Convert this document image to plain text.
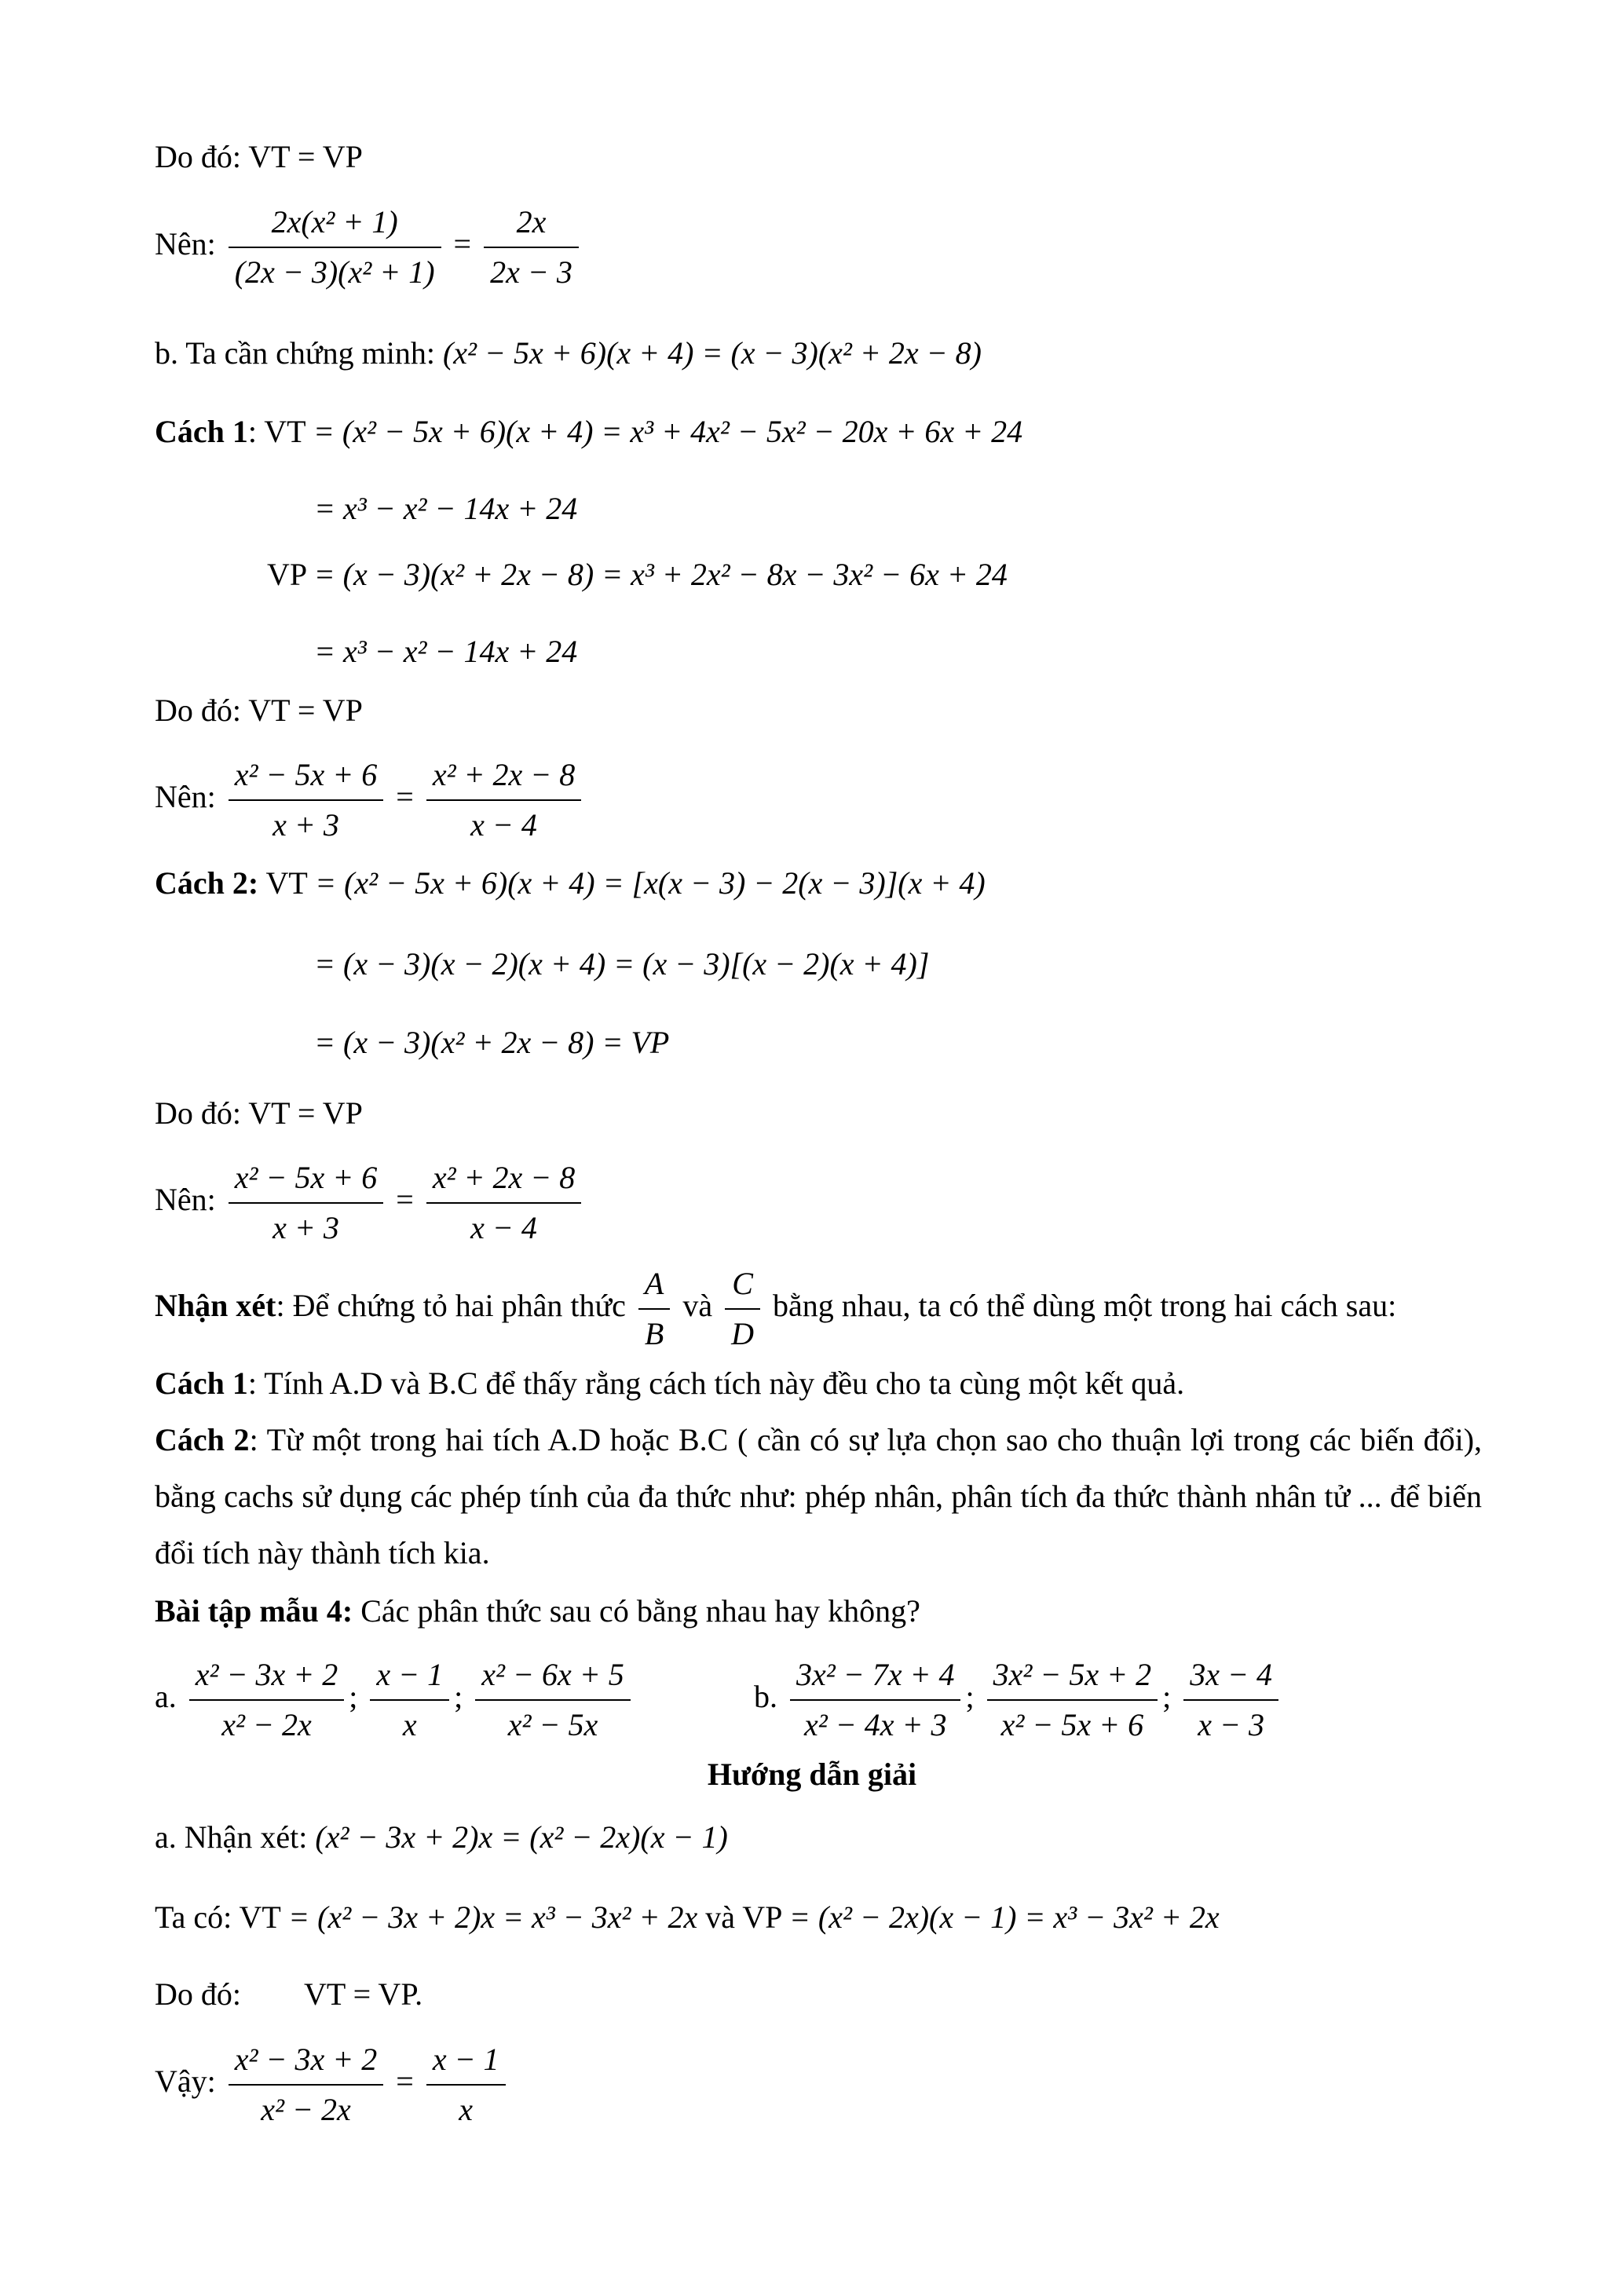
Do đó: VT = VP
Nên: $\frac{\text{2x(x² + 1)}}{\text{(2x − 3)(x² + 1)}} = \frac{2x}{2x - 3}$
b. Ta cần chứng minh: (x² − 5x + 6)(x + 4) = (x − 3)(x² + 2x − 8)
Cách 1: VT = (x² − 5x + 6)(x + 4) = x³ + 4x² − 5x² − 20x + 6x + 24
= x³ − x² − 14x + 24
VP = (x − 3)(x² + 2x − 8) = x³ + 2x² − 8x − 3x² − 6x + 24
= x³ − x² − 14x + 24
Do đó: VT = VP
Nên: $\frac{\text{x² − 5x + 6}}{x + 3} = \frac{\text{x² + 2x − 8}}{x - 4}$
Cách 2: VT = (x² − 5x + 6)(x + 4) = [x(x − 3) − 2(x − 3)](x + 4)
= (x − 3)(x − 2)(x + 4) = (x − 3)[(x − 2)(x + 4)]
= (x − 3)(x² + 2x − 8) = VP
Do đó: VT = VP
Nên: $\frac{\text{x² − 5x + 6}}{x + 3} = \frac{\text{x² + 2x − 8}}{x - 4}$
Nhận xét: Để chứng tỏ hai phân thức $\frac{A}{B}$ và $\frac{C}{D}$ bằng nhau, ta có thể dùng một trong hai cách sau:
Cách 1: Tính A.D và B.C để thấy rằng cách tích này đều cho ta cùng một kết quả.
Cách 2: Từ một trong hai tích A.D hoặc B.C ( cần có sự lựa chọn sao cho thuận lợi trong các biến đổi), bằng cachs sử dụng các phép tính của đa thức như: phép nhân, phân tích đa thức thành nhân tử ... để biến đổi tích này thành tích kia.
Bài tập mẫu 4: Các phân thức sau có bằng nhau hay không?
a. $\frac{\text{x² − 3x + 2}}{\text{x² − 2x}}$ ; $\frac{x - 1}{x}$ ; $\frac{\text{x² − 6x + 5}}{\text{x² − 5x}}$	b. $\frac{\text{3x² − 7x + 4}}{\text{x² − 4x + 3}}$ ; $\frac{\text{3x² − 5x + 2}}{\text{x² − 5x + 6}}$ ; $\frac{3x - 4}{x - 3}$
Hướng dẫn giải
a. Nhận xét: (x² − 3x + 2)x = (x² − 2x)(x − 1)
Ta có: VT = (x² − 3x + 2)x = x³ − 3x² + 2x và VP = (x² − 2x)(x − 1) = x³ − 3x² + 2x
Do đó: VT = VP.
Vậy: $\frac{\text{x² − 3x + 2}}{\text{x² − 2x}} = \frac{x - 1}{x}$
